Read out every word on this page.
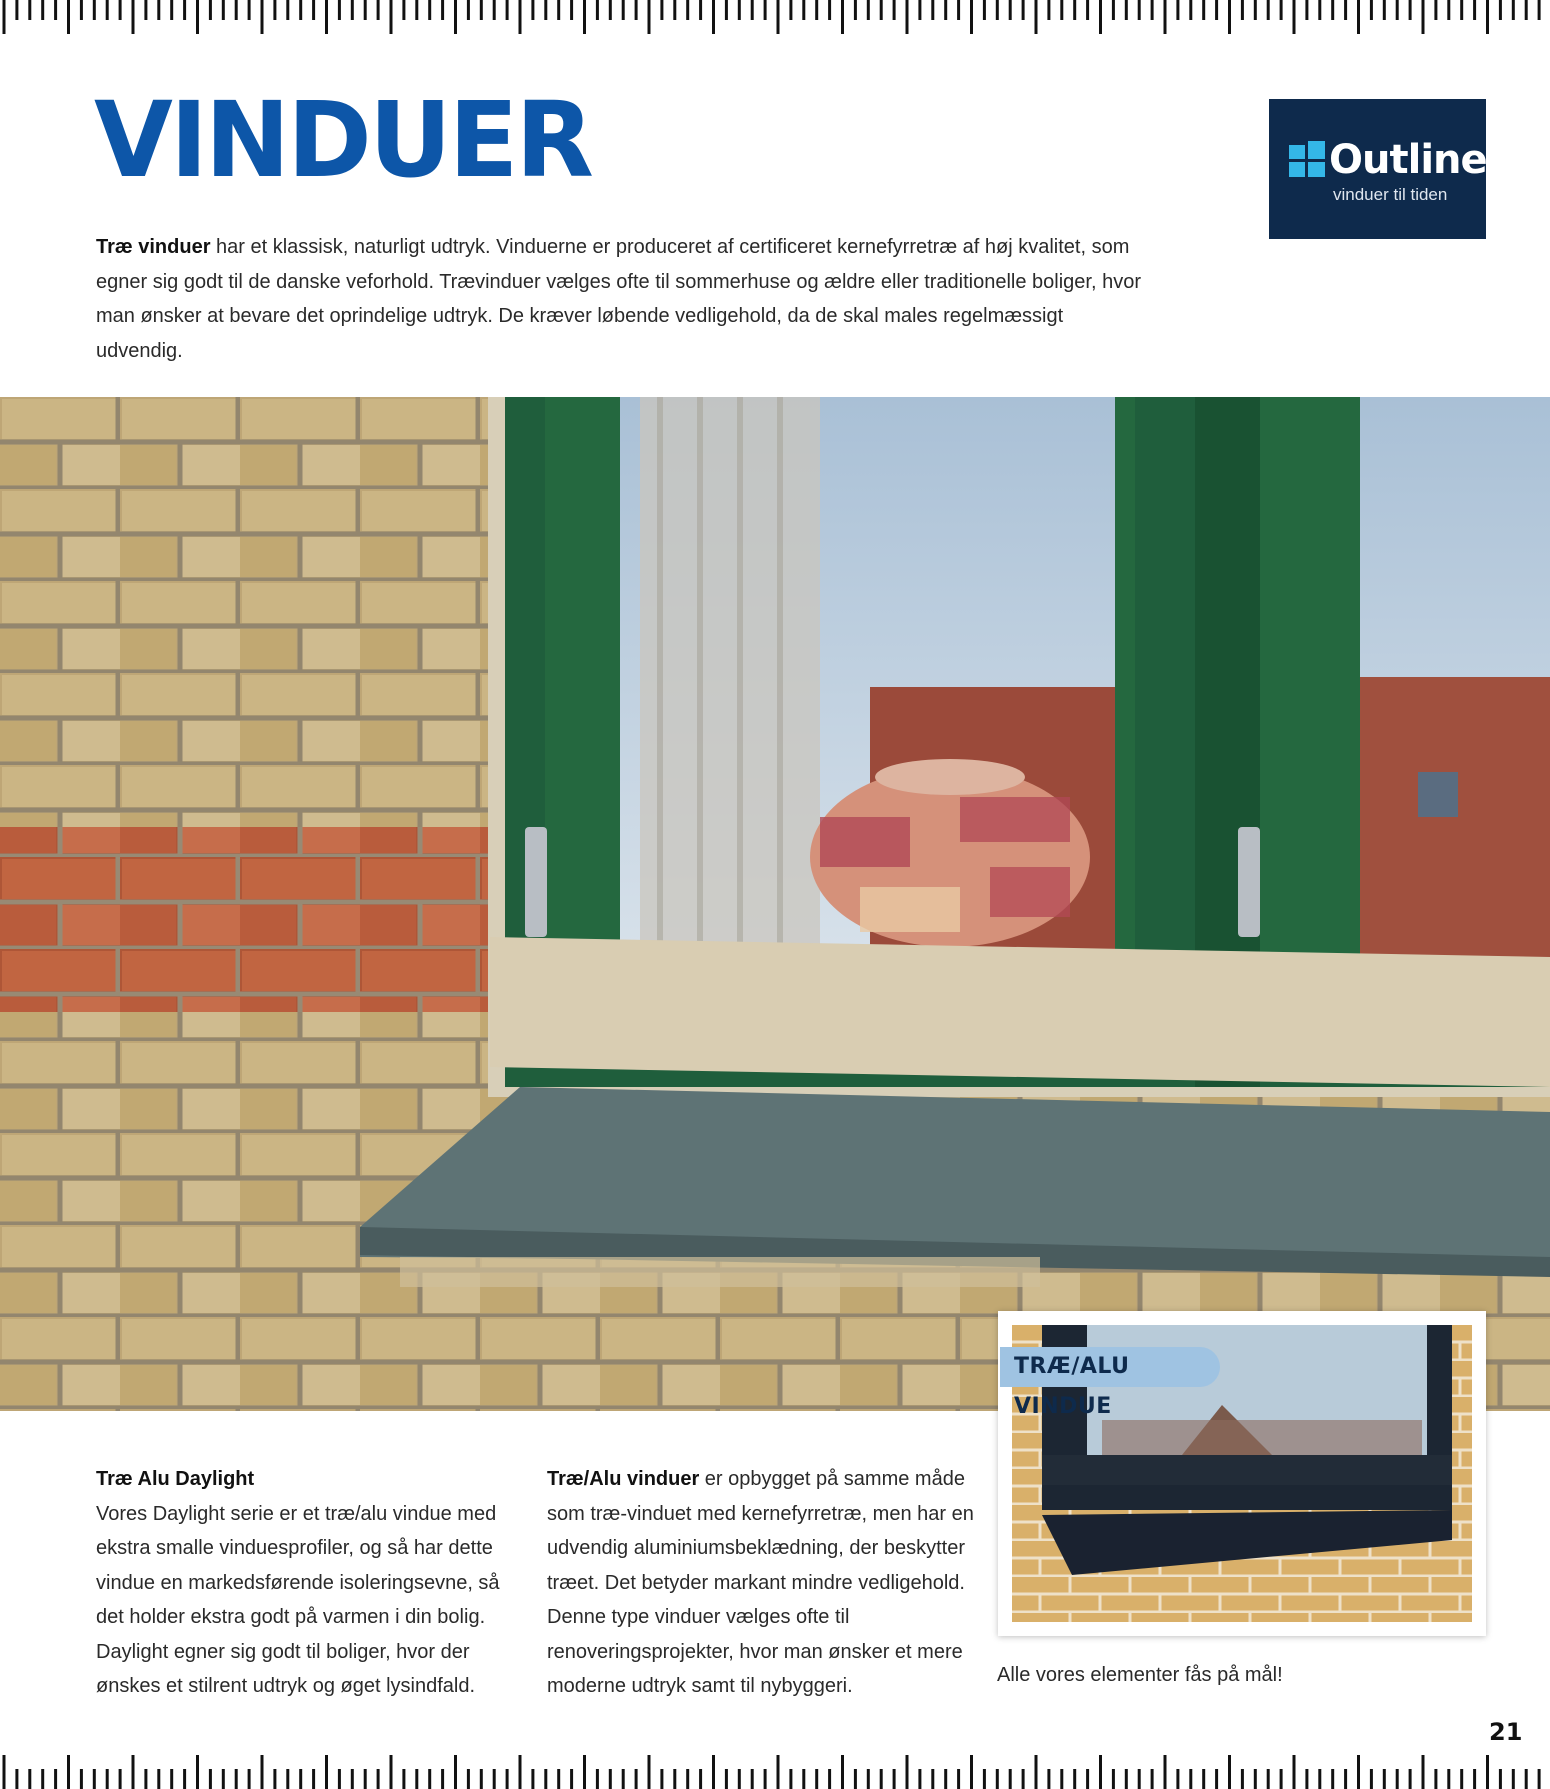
VINDUER

Træ vinduer har et klassisk, naturligt udtryk. Vinduerne er produceret af certificeret kernefyrretræ af høj kvalitet, som egner sig godt til de danske veforhold. Trævinduer vælges ofte til sommerhuse og ældre eller traditionelle boliger, hvor man ønsker at bevare det oprindelige udtryk. De kræver løbende vedligehold, da de skal males regelmæssigt udvendig.

Outline
vinduer til tiden
TRÆ/ALU VINDUE
Træ Alu Daylight
Vores Daylight serie er et træ/alu vindue med ekstra smalle vinduesprofiler, og så har dette vindue en markedsførende isoleringsevne, så det holder ekstra godt på varmen i din bolig. Daylight egner sig godt til boliger, hvor der ønskes et stilrent udtryk og øget lysindfald.
Træ/Alu vinduer er opbygget på samme måde som træ-vinduet med kernefyrretræ, men har en udvendig aluminiumsbeklædning, der beskytter træet. Det betyder markant mindre vedligehold. Denne type vinduer vælges ofte til renoveringsprojekter, hvor man ønsker et mere moderne udtryk samt til nybyggeri.	Alle vores elementer fås på mål!
21
